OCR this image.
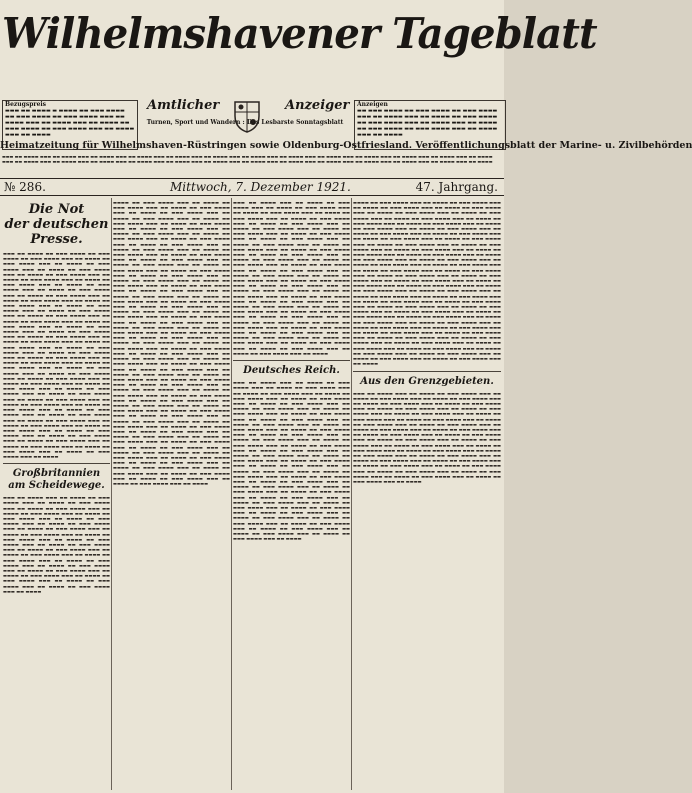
Wilhelmshavener Tageblatt
Bezugspreis
▬▬▬ ▬▬ ▬▬▬▬ ▬ ▬▬▬▬ ▬▬ ▬▬▬ ▬▬▬▬ ▬▬ ▬▬▬ ▬▬▬▬ ▬▬ ▬▬▬ ▬▬▬▬ ▬▬▬ ▬▬ ▬▬▬▬ ▬▬▬ ▬▬ ▬▬▬▬ ▬▬▬ ▬▬ ▬▬▬▬ ▬▬ ▬▬▬ ▬▬▬▬ ▬▬ ▬▬▬ ▬▬▬▬ ▬▬▬ ▬▬ ▬▬▬▬ ▬▬▬ ▬▬ ▬▬▬▬
Amtlicher	Anzeiger
Turnen, Sport und Wandern : Das Lesbarste Sonntagsblatt
Anzeigen
▬▬ ▬▬▬ ▬▬▬▬ ▬▬ ▬▬▬ ▬▬▬▬ ▬▬ ▬▬▬ ▬▬▬▬ ▬▬▬ ▬▬ ▬▬▬▬ ▬▬▬ ▬▬ ▬▬▬▬ ▬▬ ▬▬▬ ▬▬▬▬ ▬▬ ▬▬▬ ▬▬▬▬ ▬▬▬ ▬▬ ▬▬▬▬ ▬▬▬ ▬▬ ▬▬▬▬ ▬▬ ▬▬▬ ▬▬▬▬ ▬▬ ▬▬▬ ▬▬▬▬ ▬▬▬ ▬▬ ▬▬▬▬ ▬▬▬ ▬▬ ▬▬▬▬
Heimatzeitung für Wilhelmshaven-Rüstringen sowie Oldenburg-Ostfriesland. Veröffentlichungsblatt der Marine- u. Zivilbehörden
▬▬▬ ▬▬ ▬▬▬▬ ▬▬▬ ▬▬ ▬▬▬▬ ▬▬▬ ▬▬ ▬▬▬▬ ▬▬▬ ▬▬ ▬▬▬▬ ▬▬▬ ▬▬ ▬▬▬▬ ▬▬▬ ▬▬ ▬▬▬▬ ▬▬▬ ▬▬ ▬▬▬▬ ▬▬▬ ▬▬ ▬▬▬▬ ▬▬▬ ▬▬ ▬▬▬▬ ▬▬▬ ▬▬ ▬▬▬▬ ▬▬▬ ▬▬ ▬▬▬▬ ▬▬▬ ▬▬ ▬▬▬▬ ▬▬▬ ▬▬ ▬▬▬▬ ▬▬▬ ▬▬ ▬▬▬▬ ▬▬▬ ▬▬ ▬▬▬▬ ▬▬▬ ▬▬ ▬▬▬▬ ▬▬▬ ▬▬ ▬▬▬▬ ▬▬▬ ▬▬ ▬▬▬▬ ▬▬▬ ▬▬ ▬▬▬▬ ▬▬▬ ▬▬ ▬▬▬▬ ▬▬▬ ▬▬ ▬▬▬▬ ▬▬▬ ▬▬ ▬▬▬▬ ▬▬▬ ▬▬ ▬▬▬▬ ▬▬▬ ▬▬ ▬▬▬▬ ▬▬▬ ▬▬ ▬▬▬▬ ▬▬▬ ▬▬ ▬▬▬▬
№ 286.	Mittwoch, 7. Dezember 1921.	47. Jahrgang.
Die Not
der deutschen Presse.
▬▬▬ ▬▬ ▬▬▬▬ ▬▬ ▬▬▬ ▬▬▬▬ ▬▬ ▬▬▬ ▬▬▬▬ ▬▬ ▬▬▬ ▬▬▬▬ ▬▬▬ ▬▬ ▬▬▬▬ ▬▬ ▬▬▬ ▬▬▬▬ ▬▬▬ ▬▬ ▬▬▬▬ ▬▬ ▬▬▬ ▬▬▬▬ ▬▬▬ ▬▬ ▬▬▬▬ ▬▬ ▬▬▬ ▬▬▬▬ ▬▬▬ ▬▬ ▬▬▬▬ ▬▬ ▬▬▬ ▬▬▬▬ ▬▬▬ ▬▬ ▬▬▬▬ ▬▬ ▬▬▬ ▬▬▬▬ ▬▬▬ ▬▬ ▬▬▬▬ ▬▬ ▬▬▬ ▬▬▬▬ ▬▬▬ ▬▬ ▬▬▬▬ ▬▬ ▬▬▬ ▬▬▬▬ ▬▬▬ ▬▬ ▬▬▬▬ ▬▬ ▬▬▬ ▬▬▬▬ ▬▬▬ ▬▬ ▬▬▬▬ ▬▬ ▬▬▬ ▬▬▬▬ ▬▬▬ ▬▬ ▬▬▬▬ ▬▬ ▬▬▬ ▬▬▬▬ ▬▬▬ ▬▬ ▬▬▬▬ ▬▬ ▬▬▬ ▬▬▬▬ ▬▬▬ ▬▬ ▬▬▬▬ ▬▬ ▬▬▬ ▬▬▬▬ ▬▬▬ ▬▬ ▬▬▬▬ ▬▬ ▬▬▬ ▬▬▬▬ ▬▬▬ ▬▬ ▬▬▬▬ ▬▬ ▬▬▬ ▬▬▬▬ ▬▬▬ ▬▬ ▬▬▬▬ ▬▬ ▬▬▬ ▬▬▬▬ ▬▬▬ ▬▬ ▬▬▬▬ ▬▬ ▬▬▬ ▬▬▬▬ ▬▬▬ ▬▬ ▬▬▬▬ ▬▬ ▬▬▬ ▬▬▬▬ ▬▬▬ ▬▬ ▬▬▬▬ ▬▬ ▬▬▬ ▬▬▬▬ ▬▬▬ ▬▬ ▬▬▬▬ ▬▬ ▬▬▬ ▬▬▬▬ ▬▬▬ ▬▬ ▬▬▬▬ ▬▬ ▬▬▬ ▬▬▬▬ ▬▬▬ ▬▬ ▬▬▬▬ ▬▬ ▬▬▬ ▬▬▬▬ ▬▬▬ ▬▬ ▬▬▬▬ ▬▬ ▬▬▬ ▬▬▬▬ ▬▬▬ ▬▬ ▬▬▬▬ ▬▬ ▬▬▬ ▬▬▬▬ ▬▬▬ ▬▬ ▬▬▬▬ ▬▬ ▬▬▬ ▬▬▬▬ ▬▬▬ ▬▬ ▬▬▬▬ ▬▬ ▬▬▬ ▬▬▬▬ ▬▬▬ ▬▬ ▬▬▬▬ ▬▬ ▬▬▬ ▬▬▬▬ ▬▬▬ ▬▬ ▬▬▬▬ ▬▬ ▬▬▬ ▬▬▬▬ ▬▬▬ ▬▬ ▬▬▬▬ ▬▬ ▬▬▬ ▬▬▬▬ ▬▬▬ ▬▬ ▬▬▬▬ ▬▬ ▬▬▬ ▬▬▬▬ ▬▬▬ ▬▬ ▬▬▬▬ ▬▬ ▬▬▬ ▬▬▬▬ ▬▬▬ ▬▬ ▬▬▬▬ ▬▬ ▬▬▬ ▬▬▬▬ ▬▬▬ ▬▬ ▬▬▬▬ ▬▬ ▬▬▬ ▬▬▬▬ ▬▬▬ ▬▬ ▬▬▬▬ ▬▬ ▬▬▬ ▬▬▬▬ ▬▬▬ ▬▬ ▬▬▬▬ ▬▬ ▬▬▬ ▬▬▬▬ ▬▬▬ ▬▬ ▬▬▬▬ ▬▬ ▬▬▬ ▬▬▬▬ ▬▬▬ ▬▬ ▬▬▬▬ ▬▬ ▬▬▬ ▬▬▬▬ ▬▬▬ ▬▬ ▬▬▬▬ ▬▬ ▬▬▬ ▬▬▬▬ ▬▬▬ ▬▬ ▬▬▬▬ ▬▬ ▬▬▬ ▬▬▬▬ ▬▬▬ ▬▬ ▬▬▬▬ ▬▬ ▬▬▬ ▬▬▬▬ ▬▬▬ ▬▬ ▬▬▬▬ ▬▬ ▬▬▬ ▬▬▬▬ ▬▬▬ ▬▬ ▬▬▬▬ ▬▬ ▬▬▬ ▬▬▬▬ ▬▬▬ ▬▬ ▬▬▬▬ ▬▬ ▬▬▬ ▬▬▬▬ ▬▬▬ ▬▬ ▬▬▬▬ ▬▬ ▬▬▬ ▬▬▬▬ ▬▬▬ ▬▬ ▬▬▬▬ ▬▬ ▬▬▬ ▬▬▬▬ ▬▬▬ ▬▬ ▬▬▬▬ ▬▬ ▬▬▬ ▬▬▬▬ ▬▬▬ ▬▬ ▬▬▬▬ ▬▬ ▬▬▬ ▬▬▬▬ ▬▬▬ ▬▬ ▬▬▬▬ ▬▬ ▬▬▬ ▬▬▬▬ ▬▬▬ ▬▬ ▬▬▬▬
Großbritannien
am Scheidewege.
▬▬▬ ▬▬ ▬▬▬▬ ▬▬▬ ▬▬ ▬▬▬▬ ▬▬ ▬▬▬ ▬▬▬▬ ▬▬▬ ▬▬ ▬▬▬▬ ▬▬ ▬▬▬ ▬▬▬▬ ▬▬▬ ▬▬ ▬▬▬▬ ▬▬ ▬▬▬ ▬▬▬▬ ▬▬▬ ▬▬ ▬▬▬▬ ▬▬ ▬▬▬ ▬▬▬▬ ▬▬▬ ▬▬ ▬▬▬▬ ▬▬ ▬▬▬ ▬▬▬▬ ▬▬▬ ▬▬ ▬▬▬▬ ▬▬ ▬▬▬ ▬▬▬▬ ▬▬▬ ▬▬ ▬▬▬▬ ▬▬ ▬▬▬ ▬▬▬▬ ▬▬▬ ▬▬ ▬▬▬▬ ▬▬ ▬▬▬ ▬▬▬▬ ▬▬▬ ▬▬ ▬▬▬▬ ▬▬ ▬▬▬ ▬▬▬▬ ▬▬▬ ▬▬ ▬▬▬▬ ▬▬ ▬▬▬ ▬▬▬▬ ▬▬▬ ▬▬ ▬▬▬▬ ▬▬ ▬▬▬ ▬▬▬▬ ▬▬▬ ▬▬ ▬▬▬▬ ▬▬ ▬▬▬ ▬▬▬▬ ▬▬▬ ▬▬ ▬▬▬▬ ▬▬ ▬▬▬ ▬▬▬▬ ▬▬▬ ▬▬ ▬▬▬▬ ▬▬ ▬▬▬ ▬▬▬▬ ▬▬▬ ▬▬ ▬▬▬▬ ▬▬ ▬▬▬ ▬▬▬▬ ▬▬▬ ▬▬ ▬▬▬▬ ▬▬ ▬▬▬ ▬▬▬▬ ▬▬▬ ▬▬ ▬▬▬▬ ▬▬ ▬▬▬ ▬▬▬▬ ▬▬▬ ▬▬ ▬▬▬▬ ▬▬ ▬▬▬ ▬▬▬▬ ▬▬▬ ▬▬ ▬▬▬▬ ▬▬ ▬▬▬ ▬▬▬▬ ▬▬▬ ▬▬ ▬▬▬▬ ▬▬ ▬▬▬ ▬▬▬▬ ▬▬▬ ▬▬ ▬▬▬▬ ▬▬ ▬▬▬ ▬▬▬▬ ▬▬▬ ▬▬ ▬▬▬▬ ▬▬ ▬▬▬ ▬▬▬▬ ▬▬▬ ▬▬ ▬▬▬▬
▬▬▬▬ ▬▬ ▬▬▬ ▬▬▬▬ ▬▬▬ ▬▬ ▬▬▬▬ ▬▬ ▬▬▬ ▬▬▬▬ ▬▬▬ ▬▬ ▬▬▬▬ ▬▬ ▬▬▬ ▬▬▬▬ ▬▬▬ ▬▬ ▬▬▬▬ ▬▬ ▬▬▬ ▬▬▬▬ ▬▬▬ ▬▬ ▬▬▬▬ ▬▬ ▬▬▬ ▬▬▬▬ ▬▬▬ ▬▬ ▬▬▬▬ ▬▬ ▬▬▬ ▬▬▬▬ ▬▬▬ ▬▬ ▬▬▬▬ ▬▬ ▬▬▬ ▬▬▬▬ ▬▬▬ ▬▬ ▬▬▬▬ ▬▬ ▬▬▬ ▬▬▬▬ ▬▬▬ ▬▬ ▬▬▬▬ ▬▬ ▬▬▬ ▬▬▬▬ ▬▬▬ ▬▬ ▬▬▬▬ ▬▬ ▬▬▬ ▬▬▬▬ ▬▬▬ ▬▬ ▬▬▬▬ ▬▬ ▬▬▬ ▬▬▬▬ ▬▬▬ ▬▬ ▬▬▬▬ ▬▬ ▬▬▬ ▬▬▬▬ ▬▬▬ ▬▬ ▬▬▬▬ ▬▬ ▬▬▬ ▬▬▬▬ ▬▬▬ ▬▬ ▬▬▬▬ ▬▬ ▬▬▬ ▬▬▬▬ ▬▬▬ ▬▬ ▬▬▬▬ ▬▬ ▬▬▬ ▬▬▬▬ ▬▬▬ ▬▬ ▬▬▬▬ ▬▬ ▬▬▬ ▬▬▬▬ ▬▬▬ ▬▬ ▬▬▬▬ ▬▬ ▬▬▬ ▬▬▬▬ ▬▬▬ ▬▬ ▬▬▬▬ ▬▬ ▬▬▬ ▬▬▬▬ ▬▬▬ ▬▬ ▬▬▬▬ ▬▬ ▬▬▬ ▬▬▬▬ ▬▬▬ ▬▬ ▬▬▬▬ ▬▬ ▬▬▬ ▬▬▬▬ ▬▬▬ ▬▬ ▬▬▬▬ ▬▬ ▬▬▬ ▬▬▬▬ ▬▬▬ ▬▬ ▬▬▬▬ ▬▬ ▬▬▬ ▬▬▬▬ ▬▬▬ ▬▬ ▬▬▬▬ ▬▬ ▬▬▬ ▬▬▬▬ ▬▬▬ ▬▬ ▬▬▬▬ ▬▬ ▬▬▬ ▬▬▬▬ ▬▬▬ ▬▬ ▬▬▬▬ ▬▬ ▬▬▬ ▬▬▬▬ ▬▬▬ ▬▬ ▬▬▬▬ ▬▬ ▬▬▬ ▬▬▬▬ ▬▬▬ ▬▬ ▬▬▬▬ ▬▬ ▬▬▬ ▬▬▬▬ ▬▬▬ ▬▬ ▬▬▬▬ ▬▬ ▬▬▬ ▬▬▬▬ ▬▬▬ ▬▬ ▬▬▬▬ ▬▬ ▬▬▬ ▬▬▬▬ ▬▬▬ ▬▬ ▬▬▬▬ ▬▬ ▬▬▬ ▬▬▬▬ ▬▬▬ ▬▬ ▬▬▬▬ ▬▬ ▬▬▬ ▬▬▬▬ ▬▬▬ ▬▬ ▬▬▬▬ ▬▬ ▬▬▬ ▬▬▬▬ ▬▬▬ ▬▬ ▬▬▬▬ ▬▬ ▬▬▬ ▬▬▬▬ ▬▬▬ ▬▬ ▬▬▬▬ ▬▬ ▬▬▬ ▬▬▬▬ ▬▬▬ ▬▬ ▬▬▬▬ ▬▬ ▬▬▬ ▬▬▬▬ ▬▬▬ ▬▬ ▬▬▬▬ ▬▬ ▬▬▬ ▬▬▬▬ ▬▬▬ ▬▬ ▬▬▬▬ ▬▬ ▬▬▬ ▬▬▬▬ ▬▬▬ ▬▬ ▬▬▬▬ ▬▬ ▬▬▬ ▬▬▬▬ ▬▬▬ ▬▬ ▬▬▬▬ ▬▬ ▬▬▬ ▬▬▬▬ ▬▬▬ ▬▬ ▬▬▬▬ ▬▬ ▬▬▬ ▬▬▬▬ ▬▬▬ ▬▬ ▬▬▬▬ ▬▬ ▬▬▬ ▬▬▬▬ ▬▬▬ ▬▬ ▬▬▬▬ ▬▬ ▬▬▬ ▬▬▬▬ ▬▬▬ ▬▬ ▬▬▬▬ ▬▬ ▬▬▬ ▬▬▬▬ ▬▬▬ ▬▬ ▬▬▬▬ ▬▬ ▬▬▬ ▬▬▬▬ ▬▬▬ ▬▬ ▬▬▬▬ ▬▬ ▬▬▬ ▬▬▬▬ ▬▬▬ ▬▬ ▬▬▬▬ ▬▬ ▬▬▬ ▬▬▬▬ ▬▬▬ ▬▬ ▬▬▬▬ ▬▬ ▬▬▬ ▬▬▬▬ ▬▬▬ ▬▬ ▬▬▬▬ ▬▬ ▬▬▬ ▬▬▬▬ ▬▬▬ ▬▬ ▬▬▬▬ ▬▬ ▬▬▬ ▬▬▬▬ ▬▬▬ ▬▬ ▬▬▬▬ ▬▬ ▬▬▬ ▬▬▬▬ ▬▬▬ ▬▬ ▬▬▬▬ ▬▬ ▬▬▬ ▬▬▬▬ ▬▬▬ ▬▬ ▬▬▬▬ ▬▬ ▬▬▬ ▬▬▬▬ ▬▬▬ ▬▬ ▬▬▬▬ ▬▬ ▬▬▬ ▬▬▬▬ ▬▬▬ ▬▬ ▬▬▬▬ ▬▬ ▬▬▬ ▬▬▬▬ ▬▬▬ ▬▬ ▬▬▬▬ ▬▬ ▬▬▬ ▬▬▬▬ ▬▬▬ ▬▬ ▬▬▬▬ ▬▬ ▬▬▬ ▬▬▬▬ ▬▬▬ ▬▬ ▬▬▬▬ ▬▬ ▬▬▬ ▬▬▬▬ ▬▬▬ ▬▬ ▬▬▬▬ ▬▬ ▬▬▬ ▬▬▬▬ ▬▬▬ ▬▬ ▬▬▬▬ ▬▬ ▬▬▬ ▬▬▬▬ ▬▬▬ ▬▬ ▬▬▬▬ ▬▬ ▬▬▬ ▬▬▬▬ ▬▬▬ ▬▬ ▬▬▬▬ ▬▬ ▬▬▬ ▬▬▬▬ ▬▬▬ ▬▬ ▬▬▬▬ ▬▬ ▬▬▬ ▬▬▬▬ ▬▬▬ ▬▬ ▬▬▬▬ ▬▬ ▬▬▬ ▬▬▬▬ ▬▬▬ ▬▬ ▬▬▬▬ ▬▬ ▬▬▬ ▬▬▬▬ ▬▬▬ ▬▬ ▬▬▬▬ ▬▬ ▬▬▬ ▬▬▬▬ ▬▬▬ ▬▬ ▬▬▬▬ ▬▬ ▬▬▬ ▬▬▬▬ ▬▬▬ ▬▬ ▬▬▬▬ ▬▬ ▬▬▬ ▬▬▬▬ ▬▬▬ ▬▬ ▬▬▬▬ ▬▬ ▬▬▬ ▬▬▬▬ ▬▬▬ ▬▬ ▬▬▬▬ ▬▬ ▬▬▬ ▬▬▬▬ ▬▬▬ ▬▬ ▬▬▬▬ ▬▬ ▬▬▬ ▬▬▬▬ ▬▬▬ ▬▬ ▬▬▬▬ ▬▬ ▬▬▬ ▬▬▬▬ ▬▬▬ ▬▬ ▬▬▬▬ ▬▬ ▬▬▬ ▬▬▬▬ ▬▬▬ ▬▬ ▬▬▬▬ ▬▬ ▬▬▬ ▬▬▬▬ ▬▬▬ ▬▬ ▬▬▬▬
▬▬▬ ▬▬ ▬▬▬▬ ▬▬▬ ▬▬ ▬▬▬▬ ▬▬ ▬▬▬ ▬▬▬▬ ▬▬▬ ▬▬ ▬▬▬▬ ▬▬ ▬▬▬ ▬▬▬▬ ▬▬▬ ▬▬ ▬▬▬▬ ▬▬ ▬▬▬ ▬▬▬▬ ▬▬▬ ▬▬ ▬▬▬▬ ▬▬ ▬▬▬ ▬▬▬▬ ▬▬▬ ▬▬ ▬▬▬▬ ▬▬ ▬▬▬ ▬▬▬▬ ▬▬▬ ▬▬ ▬▬▬▬ ▬▬ ▬▬▬ ▬▬▬▬ ▬▬▬ ▬▬ ▬▬▬▬ ▬▬ ▬▬▬ ▬▬▬▬ ▬▬▬ ▬▬ ▬▬▬▬ ▬▬ ▬▬▬ ▬▬▬▬ ▬▬▬ ▬▬ ▬▬▬▬ ▬▬ ▬▬▬ ▬▬▬▬ ▬▬▬ ▬▬ ▬▬▬▬ ▬▬ ▬▬▬ ▬▬▬▬ ▬▬▬ ▬▬ ▬▬▬▬ ▬▬ ▬▬▬ ▬▬▬▬ ▬▬▬ ▬▬ ▬▬▬▬ ▬▬ ▬▬▬ ▬▬▬▬ ▬▬▬ ▬▬ ▬▬▬▬ ▬▬ ▬▬▬ ▬▬▬▬ ▬▬▬ ▬▬ ▬▬▬▬ ▬▬ ▬▬▬ ▬▬▬▬ ▬▬▬ ▬▬ ▬▬▬▬ ▬▬ ▬▬▬ ▬▬▬▬ ▬▬▬ ▬▬ ▬▬▬▬ ▬▬ ▬▬▬ ▬▬▬▬ ▬▬▬ ▬▬ ▬▬▬▬ ▬▬ ▬▬▬ ▬▬▬▬ ▬▬▬ ▬▬ ▬▬▬▬ ▬▬ ▬▬▬ ▬▬▬▬ ▬▬▬ ▬▬ ▬▬▬▬ ▬▬ ▬▬▬ ▬▬▬▬ ▬▬▬ ▬▬ ▬▬▬▬ ▬▬ ▬▬▬ ▬▬▬▬ ▬▬▬ ▬▬ ▬▬▬▬ ▬▬ ▬▬▬ ▬▬▬▬ ▬▬▬ ▬▬ ▬▬▬▬ ▬▬ ▬▬▬ ▬▬▬▬ ▬▬▬ ▬▬ ▬▬▬▬ ▬▬ ▬▬▬ ▬▬▬▬ ▬▬▬ ▬▬ ▬▬▬▬ ▬▬ ▬▬▬ ▬▬▬▬ ▬▬▬ ▬▬ ▬▬▬▬ ▬▬ ▬▬▬ ▬▬▬▬ ▬▬▬ ▬▬ ▬▬▬▬ ▬▬ ▬▬▬ ▬▬▬▬ ▬▬▬ ▬▬ ▬▬▬▬ ▬▬ ▬▬▬ ▬▬▬▬ ▬▬▬ ▬▬ ▬▬▬▬ ▬▬ ▬▬▬ ▬▬▬▬ ▬▬▬ ▬▬ ▬▬▬▬ ▬▬ ▬▬▬ ▬▬▬▬ ▬▬▬ ▬▬ ▬▬▬▬ ▬▬ ▬▬▬ ▬▬▬▬ ▬▬▬ ▬▬ ▬▬▬▬ ▬▬ ▬▬▬ ▬▬▬▬ ▬▬▬ ▬▬ ▬▬▬▬ ▬▬ ▬▬▬ ▬▬▬▬ ▬▬▬ ▬▬ ▬▬▬▬ ▬▬ ▬▬▬ ▬▬▬▬ ▬▬▬ ▬▬ ▬▬▬▬ ▬▬ ▬▬▬ ▬▬▬▬ ▬▬▬ ▬▬ ▬▬▬▬ ▬▬ ▬▬▬ ▬▬▬▬ ▬▬▬ ▬▬ ▬▬▬▬ ▬▬ ▬▬▬ ▬▬▬▬ ▬▬▬ ▬▬ ▬▬▬▬ ▬▬ ▬▬▬ ▬▬▬▬ ▬▬▬ ▬▬ ▬▬▬▬ ▬▬ ▬▬▬ ▬▬▬▬ ▬▬▬ ▬▬ ▬▬▬▬ ▬▬ ▬▬▬ ▬▬▬▬ ▬▬▬ ▬▬ ▬▬▬▬
Deutsches Reich.
▬▬▬ ▬▬ ▬▬▬▬ ▬▬▬ ▬▬ ▬▬▬▬ ▬▬ ▬▬▬ ▬▬▬▬ ▬▬▬ ▬▬ ▬▬▬▬ ▬▬ ▬▬▬ ▬▬▬▬ ▬▬▬ ▬▬ ▬▬▬▬ ▬▬ ▬▬▬ ▬▬▬▬ ▬▬▬ ▬▬ ▬▬▬▬ ▬▬ ▬▬▬ ▬▬▬▬ ▬▬▬ ▬▬ ▬▬▬▬ ▬▬ ▬▬▬ ▬▬▬▬ ▬▬▬ ▬▬ ▬▬▬▬ ▬▬ ▬▬▬ ▬▬▬▬ ▬▬▬ ▬▬ ▬▬▬▬ ▬▬ ▬▬▬ ▬▬▬▬ ▬▬▬ ▬▬ ▬▬▬▬ ▬▬ ▬▬▬ ▬▬▬▬ ▬▬▬ ▬▬ ▬▬▬▬ ▬▬ ▬▬▬ ▬▬▬▬ ▬▬▬ ▬▬ ▬▬▬▬ ▬▬ ▬▬▬ ▬▬▬▬ ▬▬▬ ▬▬ ▬▬▬▬ ▬▬ ▬▬▬ ▬▬▬▬ ▬▬▬ ▬▬ ▬▬▬▬ ▬▬ ▬▬▬ ▬▬▬▬ ▬▬▬ ▬▬ ▬▬▬▬ ▬▬ ▬▬▬ ▬▬▬▬ ▬▬▬ ▬▬ ▬▬▬▬ ▬▬ ▬▬▬ ▬▬▬▬ ▬▬▬ ▬▬ ▬▬▬▬ ▬▬ ▬▬▬ ▬▬▬▬ ▬▬▬ ▬▬ ▬▬▬▬ ▬▬ ▬▬▬ ▬▬▬▬ ▬▬▬ ▬▬ ▬▬▬▬ ▬▬ ▬▬▬ ▬▬▬▬ ▬▬▬ ▬▬ ▬▬▬▬ ▬▬ ▬▬▬ ▬▬▬▬ ▬▬▬ ▬▬ ▬▬▬▬ ▬▬ ▬▬▬ ▬▬▬▬ ▬▬▬ ▬▬ ▬▬▬▬ ▬▬ ▬▬▬ ▬▬▬▬ ▬▬▬ ▬▬ ▬▬▬▬ ▬▬ ▬▬▬ ▬▬▬▬ ▬▬▬ ▬▬ ▬▬▬▬ ▬▬ ▬▬▬ ▬▬▬▬ ▬▬▬ ▬▬ ▬▬▬▬ ▬▬ ▬▬▬ ▬▬▬▬ ▬▬▬ ▬▬ ▬▬▬▬ ▬▬ ▬▬▬ ▬▬▬▬ ▬▬▬ ▬▬ ▬▬▬▬ ▬▬ ▬▬▬ ▬▬▬▬ ▬▬▬ ▬▬ ▬▬▬▬ ▬▬ ▬▬▬ ▬▬▬▬ ▬▬▬ ▬▬ ▬▬▬▬ ▬▬ ▬▬▬ ▬▬▬▬ ▬▬▬ ▬▬ ▬▬▬▬ ▬▬ ▬▬▬ ▬▬▬▬ ▬▬▬ ▬▬ ▬▬▬▬ ▬▬ ▬▬▬ ▬▬▬▬ ▬▬▬ ▬▬ ▬▬▬▬ ▬▬ ▬▬▬ ▬▬▬▬ ▬▬▬ ▬▬ ▬▬▬▬ ▬▬ ▬▬▬ ▬▬▬▬ ▬▬▬ ▬▬ ▬▬▬▬ ▬▬ ▬▬▬ ▬▬▬▬ ▬▬▬ ▬▬ ▬▬▬▬ ▬▬ ▬▬▬ ▬▬▬▬ ▬▬▬ ▬▬ ▬▬▬▬ ▬▬ ▬▬▬ ▬▬▬▬ ▬▬▬ ▬▬ ▬▬▬▬ ▬▬ ▬▬▬ ▬▬▬▬ ▬▬▬ ▬▬ ▬▬▬▬ ▬▬ ▬▬▬ ▬▬▬▬ ▬▬▬ ▬▬ ▬▬▬▬ ▬▬ ▬▬▬ ▬▬▬▬ ▬▬▬ ▬▬ ▬▬▬▬ ▬▬ ▬▬▬ ▬▬▬▬ ▬▬▬ ▬▬ ▬▬▬▬ ▬▬ ▬▬▬ ▬▬▬▬ ▬▬▬ ▬▬ ▬▬▬▬ ▬▬ ▬▬▬ ▬▬▬▬ ▬▬▬ ▬▬ ▬▬▬▬
▬▬▬▬ ▬▬ ▬▬▬ ▬▬▬▬ ▬▬▬ ▬▬ ▬▬▬▬ ▬▬ ▬▬▬ ▬▬▬▬ ▬▬▬ ▬▬ ▬▬▬▬ ▬▬ ▬▬▬ ▬▬▬▬ ▬▬▬ ▬▬ ▬▬▬▬ ▬▬ ▬▬▬ ▬▬▬▬ ▬▬▬ ▬▬ ▬▬▬▬ ▬▬ ▬▬▬ ▬▬▬▬ ▬▬▬ ▬▬ ▬▬▬▬ ▬▬ ▬▬▬ ▬▬▬▬ ▬▬▬ ▬▬ ▬▬▬▬ ▬▬ ▬▬▬ ▬▬▬▬ ▬▬▬ ▬▬ ▬▬▬▬ ▬▬ ▬▬▬ ▬▬▬▬ ▬▬▬ ▬▬ ▬▬▬▬ ▬▬ ▬▬▬ ▬▬▬▬ ▬▬▬ ▬▬ ▬▬▬▬ ▬▬ ▬▬▬ ▬▬▬▬ ▬▬▬ ▬▬ ▬▬▬▬ ▬▬ ▬▬▬ ▬▬▬▬ ▬▬▬ ▬▬ ▬▬▬▬ ▬▬ ▬▬▬ ▬▬▬▬ ▬▬▬ ▬▬ ▬▬▬▬ ▬▬ ▬▬▬ ▬▬▬▬ ▬▬▬ ▬▬ ▬▬▬▬ ▬▬ ▬▬▬ ▬▬▬▬ ▬▬▬ ▬▬ ▬▬▬▬ ▬▬ ▬▬▬ ▬▬▬▬ ▬▬▬ ▬▬ ▬▬▬▬ ▬▬ ▬▬▬ ▬▬▬▬ ▬▬▬ ▬▬ ▬▬▬▬ ▬▬ ▬▬▬ ▬▬▬▬ ▬▬▬ ▬▬ ▬▬▬▬ ▬▬ ▬▬▬ ▬▬▬▬ ▬▬▬ ▬▬ ▬▬▬▬ ▬▬ ▬▬▬ ▬▬▬▬ ▬▬▬ ▬▬ ▬▬▬▬ ▬▬ ▬▬▬ ▬▬▬▬ ▬▬▬ ▬▬ ▬▬▬▬ ▬▬ ▬▬▬ ▬▬▬▬ ▬▬▬ ▬▬ ▬▬▬▬ ▬▬ ▬▬▬ ▬▬▬▬ ▬▬▬ ▬▬ ▬▬▬▬ ▬▬ ▬▬▬ ▬▬▬▬ ▬▬▬ ▬▬ ▬▬▬▬ ▬▬ ▬▬▬ ▬▬▬▬ ▬▬▬ ▬▬ ▬▬▬▬ ▬▬ ▬▬▬ ▬▬▬▬ ▬▬▬ ▬▬ ▬▬▬▬ ▬▬ ▬▬▬ ▬▬▬▬ ▬▬▬ ▬▬ ▬▬▬▬ ▬▬ ▬▬▬ ▬▬▬▬ ▬▬▬ ▬▬ ▬▬▬▬ ▬▬ ▬▬▬ ▬▬▬▬ ▬▬▬ ▬▬ ▬▬▬▬ ▬▬ ▬▬▬ ▬▬▬▬ ▬▬▬ ▬▬ ▬▬▬▬ ▬▬ ▬▬▬ ▬▬▬▬ ▬▬▬ ▬▬ ▬▬▬▬ ▬▬ ▬▬▬ ▬▬▬▬ ▬▬▬ ▬▬ ▬▬▬▬ ▬▬ ▬▬▬ ▬▬▬▬ ▬▬▬ ▬▬ ▬▬▬▬ ▬▬ ▬▬▬ ▬▬▬▬ ▬▬▬ ▬▬ ▬▬▬▬ ▬▬ ▬▬▬ ▬▬▬▬ ▬▬▬ ▬▬ ▬▬▬▬ ▬▬ ▬▬▬ ▬▬▬▬ ▬▬▬ ▬▬ ▬▬▬▬ ▬▬ ▬▬▬ ▬▬▬▬ ▬▬▬ ▬▬ ▬▬▬▬ ▬▬ ▬▬▬ ▬▬▬▬ ▬▬▬ ▬▬ ▬▬▬▬ ▬▬ ▬▬▬ ▬▬▬▬ ▬▬▬ ▬▬ ▬▬▬▬ ▬▬ ▬▬▬ ▬▬▬▬ ▬▬▬ ▬▬ ▬▬▬▬ ▬▬ ▬▬▬ ▬▬▬▬ ▬▬▬ ▬▬ ▬▬▬▬ ▬▬ ▬▬▬ ▬▬▬▬ ▬▬▬ ▬▬ ▬▬▬▬ ▬▬ ▬▬▬ ▬▬▬▬ ▬▬▬ ▬▬ ▬▬▬▬ ▬▬ ▬▬▬ ▬▬▬▬ ▬▬▬ ▬▬ ▬▬▬▬ ▬▬ ▬▬▬ ▬▬▬▬ ▬▬▬ ▬▬ ▬▬▬▬ ▬▬ ▬▬▬ ▬▬▬▬ ▬▬▬ ▬▬ ▬▬▬▬ ▬▬ ▬▬▬ ▬▬▬▬ ▬▬▬ ▬▬ ▬▬▬▬ ▬▬ ▬▬▬ ▬▬▬▬ ▬▬▬ ▬▬ ▬▬▬▬ ▬▬ ▬▬▬ ▬▬▬▬ ▬▬▬ ▬▬ ▬▬▬▬ ▬▬ ▬▬▬ ▬▬▬▬ ▬▬▬ ▬▬ ▬▬▬▬ ▬▬ ▬▬▬ ▬▬▬▬ ▬▬▬ ▬▬ ▬▬▬▬ ▬▬ ▬▬▬ ▬▬▬▬ ▬▬▬ ▬▬ ▬▬▬▬ ▬▬ ▬▬▬ ▬▬▬▬ ▬▬▬ ▬▬ ▬▬▬▬ ▬▬ ▬▬▬ ▬▬▬▬ ▬▬▬ ▬▬ ▬▬▬▬ ▬▬ ▬▬▬ ▬▬▬▬ ▬▬▬ ▬▬ ▬▬▬▬ ▬▬ ▬▬▬ ▬▬▬▬ ▬▬▬ ▬▬ ▬▬▬▬ ▬▬ ▬▬▬ ▬▬▬▬ ▬▬▬ ▬▬ ▬▬▬▬ ▬▬ ▬▬▬ ▬▬▬▬ ▬▬▬ ▬▬ ▬▬▬▬
Aus den Grenzgebieten.
▬▬▬ ▬▬ ▬▬▬▬ ▬▬▬ ▬▬ ▬▬▬▬ ▬▬ ▬▬▬ ▬▬▬▬ ▬▬▬ ▬▬ ▬▬▬▬ ▬▬ ▬▬▬ ▬▬▬▬ ▬▬▬ ▬▬ ▬▬▬▬ ▬▬ ▬▬▬ ▬▬▬▬ ▬▬▬ ▬▬ ▬▬▬▬ ▬▬ ▬▬▬ ▬▬▬▬ ▬▬▬ ▬▬ ▬▬▬▬ ▬▬ ▬▬▬ ▬▬▬▬ ▬▬▬ ▬▬ ▬▬▬▬ ▬▬ ▬▬▬ ▬▬▬▬ ▬▬▬ ▬▬ ▬▬▬▬ ▬▬ ▬▬▬ ▬▬▬▬ ▬▬▬ ▬▬ ▬▬▬▬ ▬▬ ▬▬▬ ▬▬▬▬ ▬▬▬ ▬▬ ▬▬▬▬ ▬▬ ▬▬▬ ▬▬▬▬ ▬▬▬ ▬▬ ▬▬▬▬ ▬▬ ▬▬▬ ▬▬▬▬ ▬▬▬ ▬▬ ▬▬▬▬ ▬▬ ▬▬▬ ▬▬▬▬ ▬▬▬ ▬▬ ▬▬▬▬ ▬▬ ▬▬▬ ▬▬▬▬ ▬▬▬ ▬▬ ▬▬▬▬ ▬▬ ▬▬▬ ▬▬▬▬ ▬▬▬ ▬▬ ▬▬▬▬ ▬▬ ▬▬▬ ▬▬▬▬ ▬▬▬ ▬▬ ▬▬▬▬ ▬▬ ▬▬▬ ▬▬▬▬ ▬▬▬ ▬▬ ▬▬▬▬ ▬▬ ▬▬▬ ▬▬▬▬ ▬▬▬ ▬▬ ▬▬▬▬ ▬▬ ▬▬▬ ▬▬▬▬ ▬▬▬ ▬▬ ▬▬▬▬ ▬▬ ▬▬▬ ▬▬▬▬ ▬▬▬ ▬▬ ▬▬▬▬ ▬▬ ▬▬▬ ▬▬▬▬ ▬▬▬ ▬▬ ▬▬▬▬ ▬▬ ▬▬▬ ▬▬▬▬ ▬▬▬ ▬▬ ▬▬▬▬ ▬▬ ▬▬▬ ▬▬▬▬ ▬▬▬ ▬▬ ▬▬▬▬ ▬▬ ▬▬▬ ▬▬▬▬ ▬▬▬ ▬▬ ▬▬▬▬ ▬▬ ▬▬▬ ▬▬▬▬ ▬▬▬ ▬▬ ▬▬▬▬ ▬▬ ▬▬▬ ▬▬▬▬ ▬▬▬ ▬▬ ▬▬▬▬ ▬▬ ▬▬▬ ▬▬▬▬ ▬▬▬ ▬▬ ▬▬▬▬ ▬▬ ▬▬▬ ▬▬▬▬ ▬▬▬ ▬▬ ▬▬▬▬ ▬▬ ▬▬▬ ▬▬▬▬ ▬▬▬ ▬▬ ▬▬▬▬ ▬▬ ▬▬▬ ▬▬▬▬ ▬▬▬ ▬▬ ▬▬▬▬ ▬▬ ▬▬▬ ▬▬▬▬ ▬▬▬ ▬▬ ▬▬▬▬ ▬▬ ▬▬▬ ▬▬▬▬ ▬▬▬ ▬▬ ▬▬▬▬ ▬▬ ▬▬▬ ▬▬▬▬ ▬▬▬ ▬▬ ▬▬▬▬
